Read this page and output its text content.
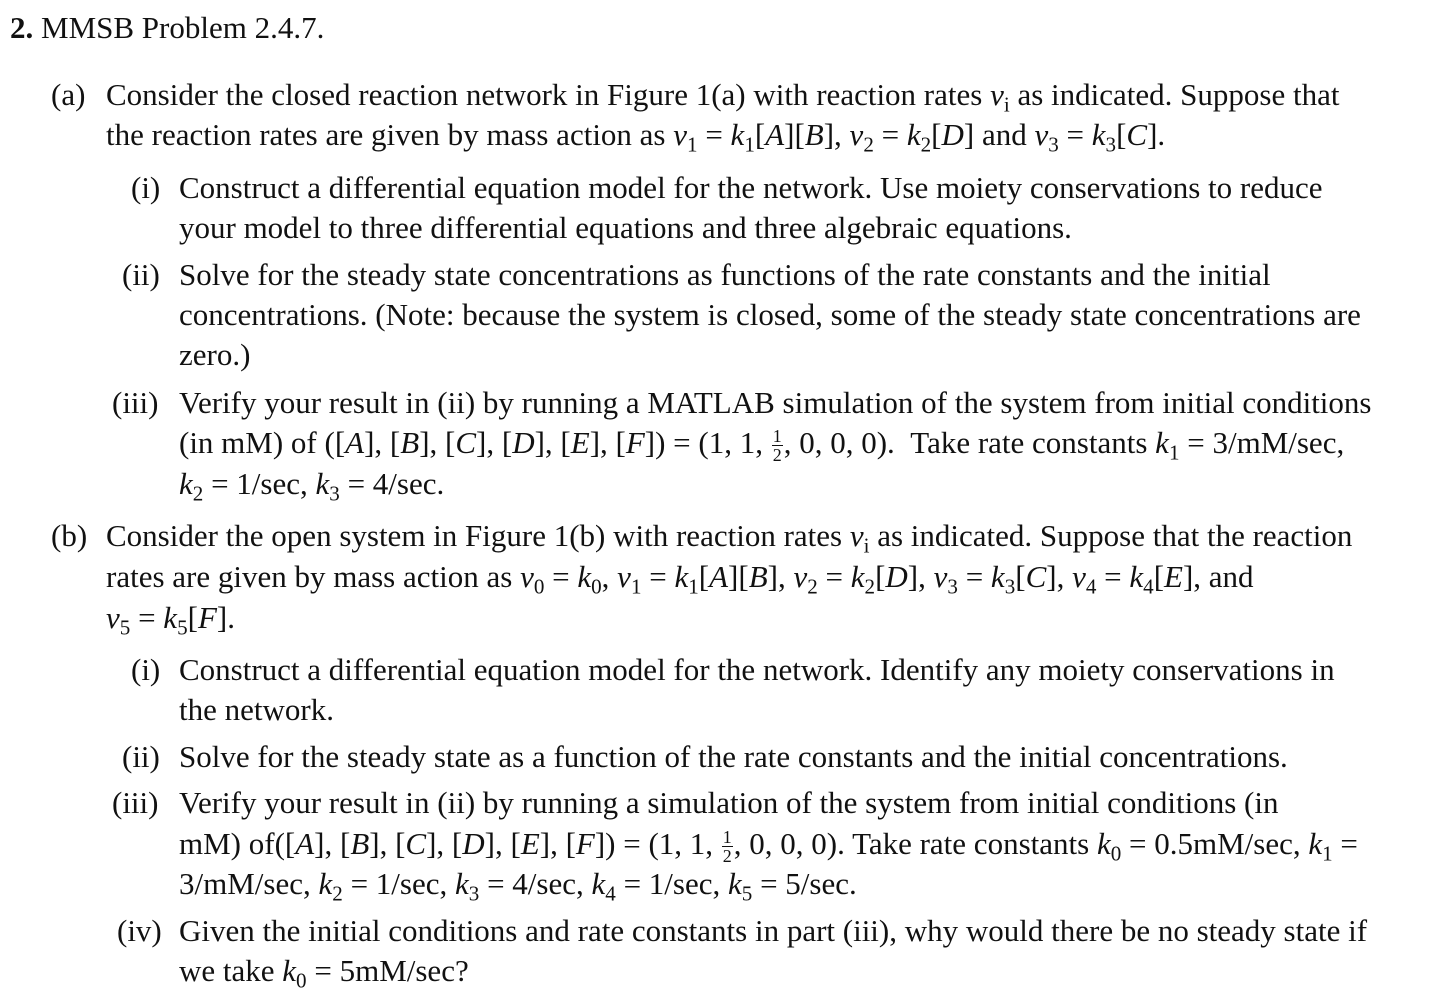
2. MMSB Problem 2.4.7.
(a) Consider the closed reaction network in Figure 1(a) with reaction rates $v_i$ as indicated. Suppose that
the reaction rates are given by mass action as $v_1 = k_1[A][B]$, $v_2 = k_2[D]$ and $v_3 = k_3[C]$.
(i) Construct a differential equation model for the network. Use moiety conservations to reduce
your model to three differential equations and three algebraic equations.
(ii) Solve for the steady state concentrations as functions of the rate constants and the initial
concentrations. (Note: because the system is closed, some of the steady state concentrations are
zero.)
(iii) Verify your result in (ii) by running a MATLAB simulation of the system from initial conditions
(in mM) of ([A], [B], [C], [D], [E], [F]) = (1, 1, $\frac{1}{2}$ , 0, 0, 0). Take rate constants $k_1 = 3/mM/\sec$,
$k_2 = 1/\sec$, $k_3 = 4/\sec$.
(b) Consider the open system in Figure 1(b) with reaction rates $v_i$ as indicated. Suppose that the reaction
rates are given by mass action as $v_0 = k_0$, $v_1 = k_1[A][B]$, $v_2 = k_2[D]$, $v_3 = k_3[C]$, $v_4 = k_4[E]$, and
$v_5 = k_5[F]$.
(i) Construct a differential equation model for the network. Identify any moiety conservations in
the network.
(ii) Solve for the steady state as a function of the rate constants and the initial concentrations.
(iii) Verify your result in (ii) by running a simulation of the system from initial conditions (in
mM) of([A], [B], [C], [D], [E], [F]) = (1, 1, $\frac{1}{2}$ , 0, 0, 0). Take rate constants $k_0 = 0.5mM/\sec$, $k_1$ =
3/mM/sec, $k_2 = 1/\sec$, $k_3 = 4/\sec$, $k_4 = 1/\sec$, $k_5 = 5/\sec$.
(iv) Given the initial conditions and rate constants in part (iii), why would there be no steady state if
we take $k_0 = 5mM/\sec$?
